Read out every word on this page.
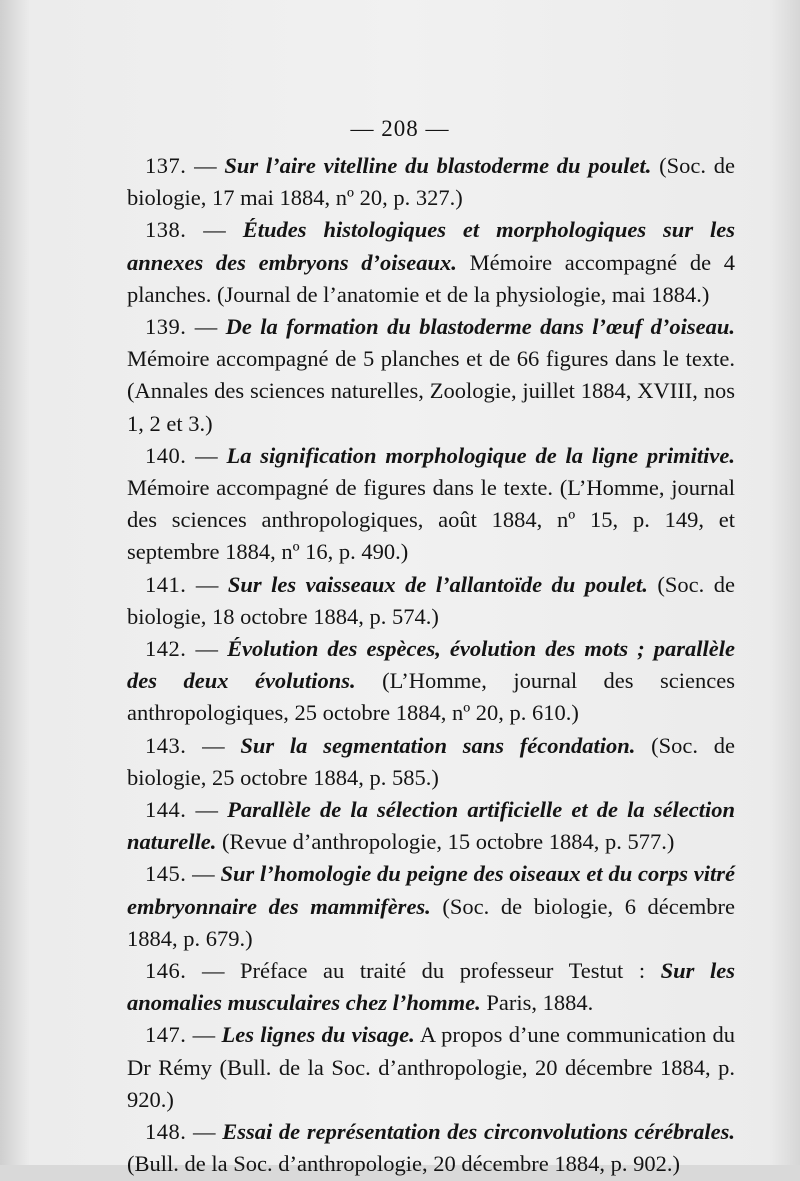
— 208 —

137. — Sur l’aire vitelline du blastoderme du poulet. (Soc. de biologie, 17 mai 1884, nº 20, p. 327.)

138. — Études histologiques et morphologiques sur les annexes des embryons d’oiseaux. Mémoire accompagné de 4 planches. (Journal de l’anatomie et de la physiologie, mai 1884.)

139. — De la formation du blastoderme dans l’œuf d’oiseau. Mémoire accompagné de 5 planches et de 66 figures dans le texte. (Annales des sciences naturelles, Zoologie, juillet 1884, XVIII, nos 1, 2 et 3.)

140. — La signification morphologique de la ligne primitive. Mémoire accompagné de figures dans le texte. (L’Homme, journal des sciences anthropologiques, août 1884, nº 15, p. 149, et septembre 1884, nº 16, p. 490.)

141. — Sur les vaisseaux de l’allantoïde du poulet. (Soc. de biologie, 18 octobre 1884, p. 574.)

142. — Évolution des espèces, évolution des mots ; parallèle des deux évolutions. (L’Homme, journal des sciences anthropologiques, 25 octobre 1884, nº 20, p. 610.)

143. — Sur la segmentation sans fécondation. (Soc. de biologie, 25 octobre 1884, p. 585.)

144. — Parallèle de la sélection artificielle et de la sélection naturelle. (Revue d’anthropologie, 15 octobre 1884, p. 577.)

145. — Sur l’homologie du peigne des oiseaux et du corps vitré embryonnaire des mammifères. (Soc. de biologie, 6 décembre 1884, p. 679.)

146. — Préface au traité du professeur Testut : Sur les anomalies musculaires chez l’homme. Paris, 1884.

147. — Les lignes du visage. A propos d’une communication du Dr Rémy (Bull. de la Soc. d’anthropologie, 20 décembre 1884, p. 920.)

148. — Essai de représentation des circonvolutions cérébrales. (Bull. de la Soc. d’anthropologie, 20 décembre 1884, p. 902.)
